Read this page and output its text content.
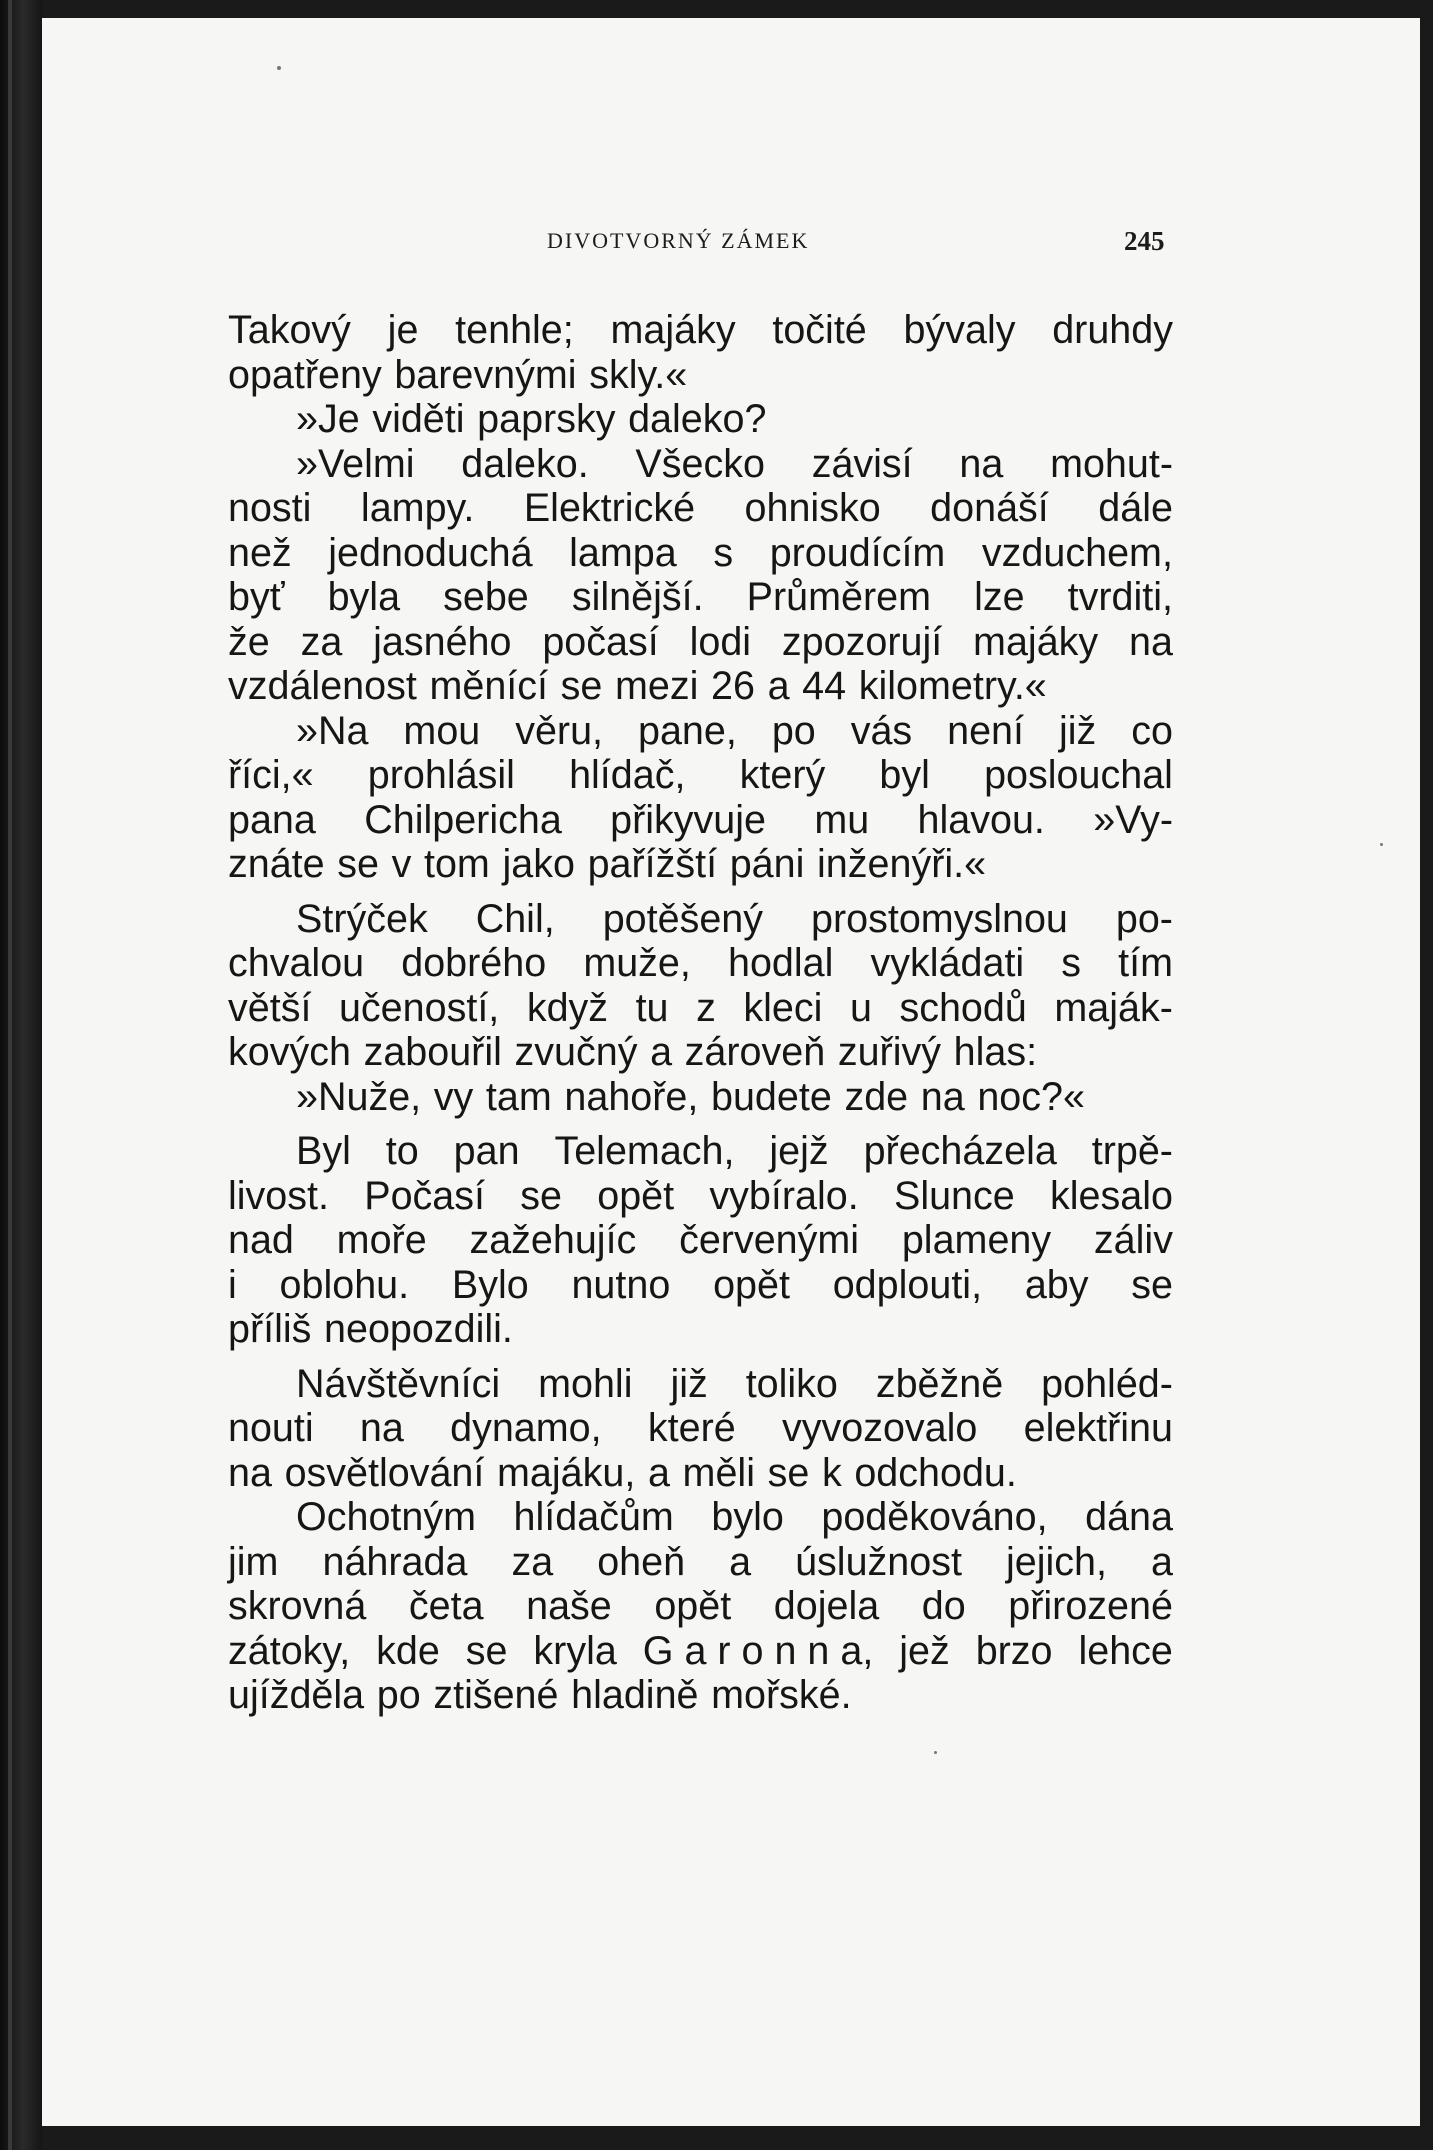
DIVOTVORNÝ ZÁMEK	245
Takový je tenhle; majáky točité bývaly druhdy
opatřeny barevnými skly.«
»Je viděti paprsky daleko?
»Velmi daleko. Všecko závisí na mohut-
nosti lampy. Elektrické ohnisko donáší dále
než jednoduchá lampa s proudícím vzduchem,
byť byla sebe silnější. Průměrem lze tvrditi,
že za jasného počasí lodi zpozorují majáky na
vzdálenost měnící se mezi 26 a 44 kilometry.«
»Na mou věru, pane, po vás není již co
říci,« prohlásil hlídač, který byl poslouchal
pana Chilpericha přikyvuje mu hlavou. »Vy-
znáte se v tom jako pařížští páni inženýři.«
Strýček Chil, potěšený prostomyslnou po-
chvalou dobrého muže, hodlal vykládati s tím
větší učeností, když tu z kleci u schodů maják-
kových zabouřil zvučný a zároveň zuřivý hlas:
»Nuže, vy tam nahoře, budete zde na noc?«
Byl to pan Telemach, jejž přecházela trpě-
livost. Počasí se opět vybíralo. Slunce klesalo
nad moře zažehujíc červenými plameny záliv
i oblohu. Bylo nutno opět odplouti, aby se
příliš neopozdili.
Návštěvníci mohli již toliko zběžně pohléd-
nouti na dynamo, které vyvozovalo elektřinu
na osvětlování majáku, a měli se k odchodu.
Ochotným hlídačům bylo poděkováno, dána
jim náhrada za oheň a úslužnost jejich, a
skrovná četa naše opět dojela do přirozené
zátoky, kde se kryla G a r o n n a, jež brzo lehce
ujížděla po ztišené hladině mořské.
